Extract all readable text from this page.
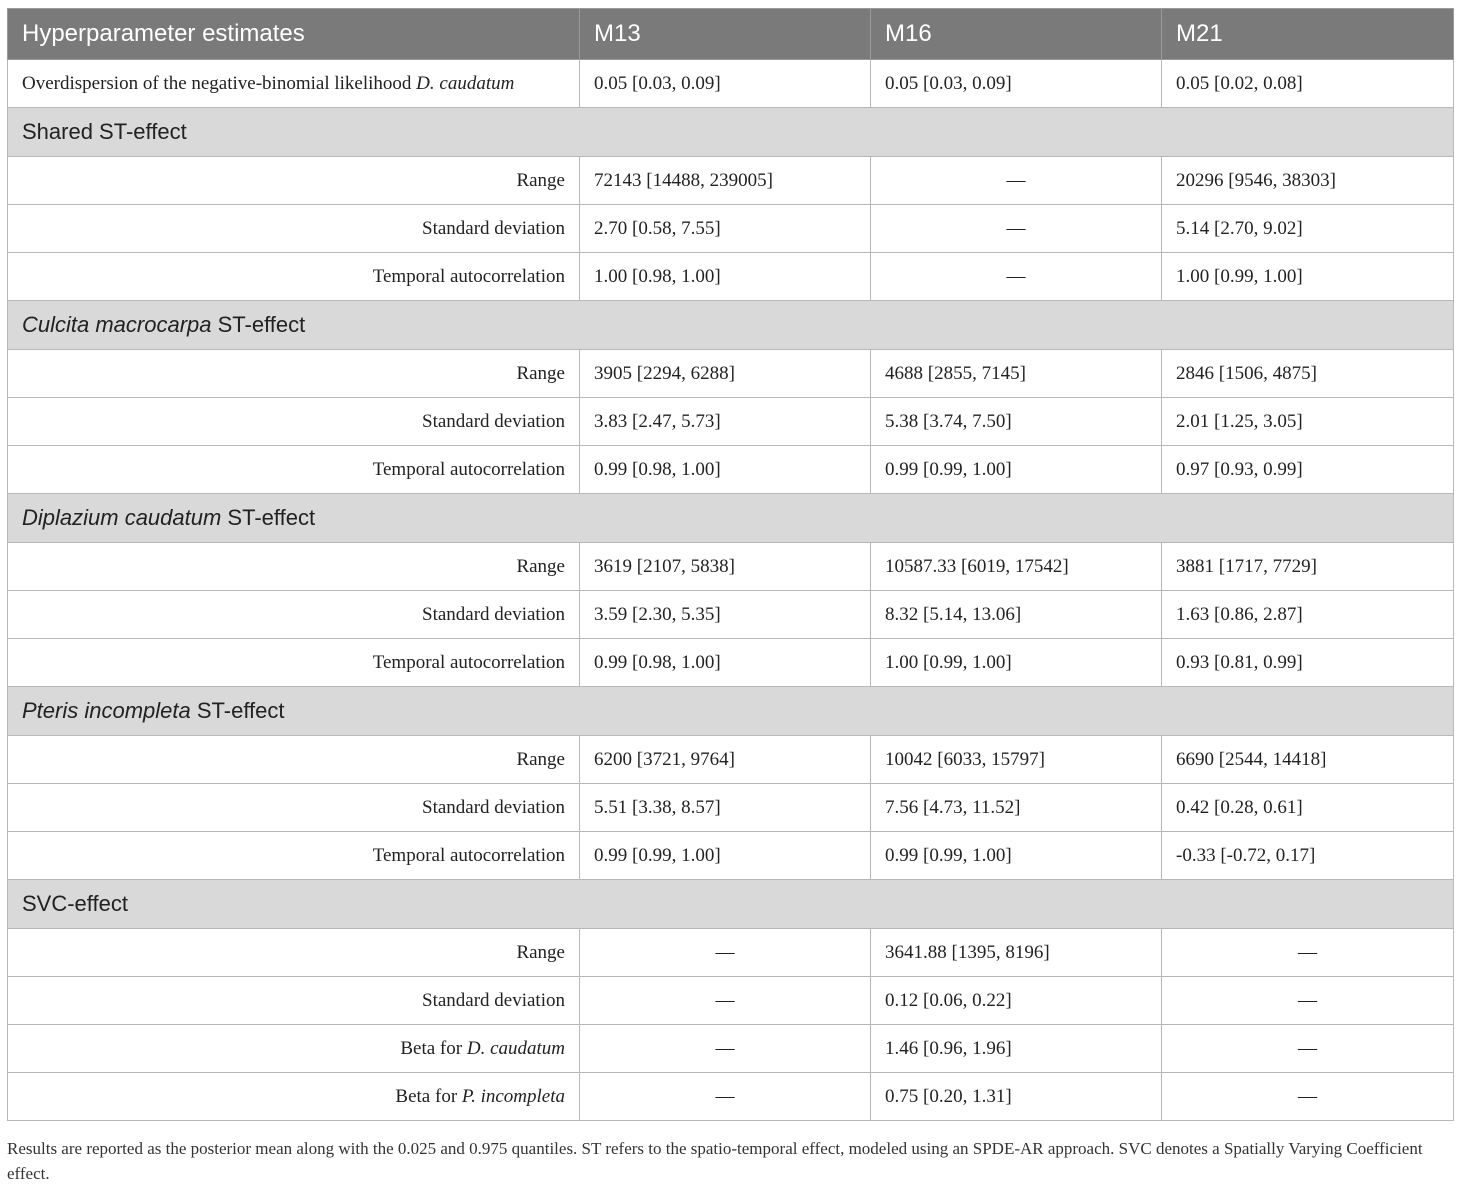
Hyperparameter estimates	M13	M16	M21
Overdispersion of the negative-binomial likelihood D. caudatum	0.05 [0.03, 0.09]	0.05 [0.03, 0.09]	0.05 [0.02, 0.08]
Shared ST-effect			
Range	72143 [14488, 239005]	—	20296 [9546, 38303]
Standard deviation	2.70 [0.58, 7.55]	—	5.14 [2.70, 9.02]
Temporal autocorrelation	1.00 [0.98, 1.00]	—	1.00 [0.99, 1.00]
Culcita macrocarpa ST-effect			
Range	3905 [2294, 6288]	4688 [2855, 7145]	2846 [1506, 4875]
Standard deviation	3.83 [2.47, 5.73]	5.38 [3.74, 7.50]	2.01 [1.25, 3.05]
Temporal autocorrelation	0.99 [0.98, 1.00]	0.99 [0.99, 1.00]	0.97 [0.93, 0.99]
Diplazium caudatum ST-effect			
Range	3619 [2107, 5838]	10587.33 [6019, 17542]	3881 [1717, 7729]
Standard deviation	3.59 [2.30, 5.35]	8.32 [5.14, 13.06]	1.63 [0.86, 2.87]
Temporal autocorrelation	0.99 [0.98, 1.00]	1.00 [0.99, 1.00]	0.93 [0.81, 0.99]
Pteris incompleta ST-effect			
Range	6200 [3721, 9764]	10042 [6033, 15797]	6690 [2544, 14418]
Standard deviation	5.51 [3.38, 8.57]	7.56 [4.73, 11.52]	0.42 [0.28, 0.61]
Temporal autocorrelation	0.99 [0.99, 1.00]	0.99 [0.99, 1.00]	-0.33 [-0.72, 0.17]
SVC-effect			
Range	—	3641.88 [1395, 8196]	—
Standard deviation	—	0.12 [0.06, 0.22]	—
Beta for D. caudatum	—	1.46 [0.96, 1.96]	—
Beta for P. incompleta	—	0.75 [0.20, 1.31]	—
Results are reported as the posterior mean along with the 0.025 and 0.975 quantiles. ST refers to the spatio-temporal effect, modeled using an SPDE-AR approach. SVC denotes a Spatially Varying Coefficient effect.
